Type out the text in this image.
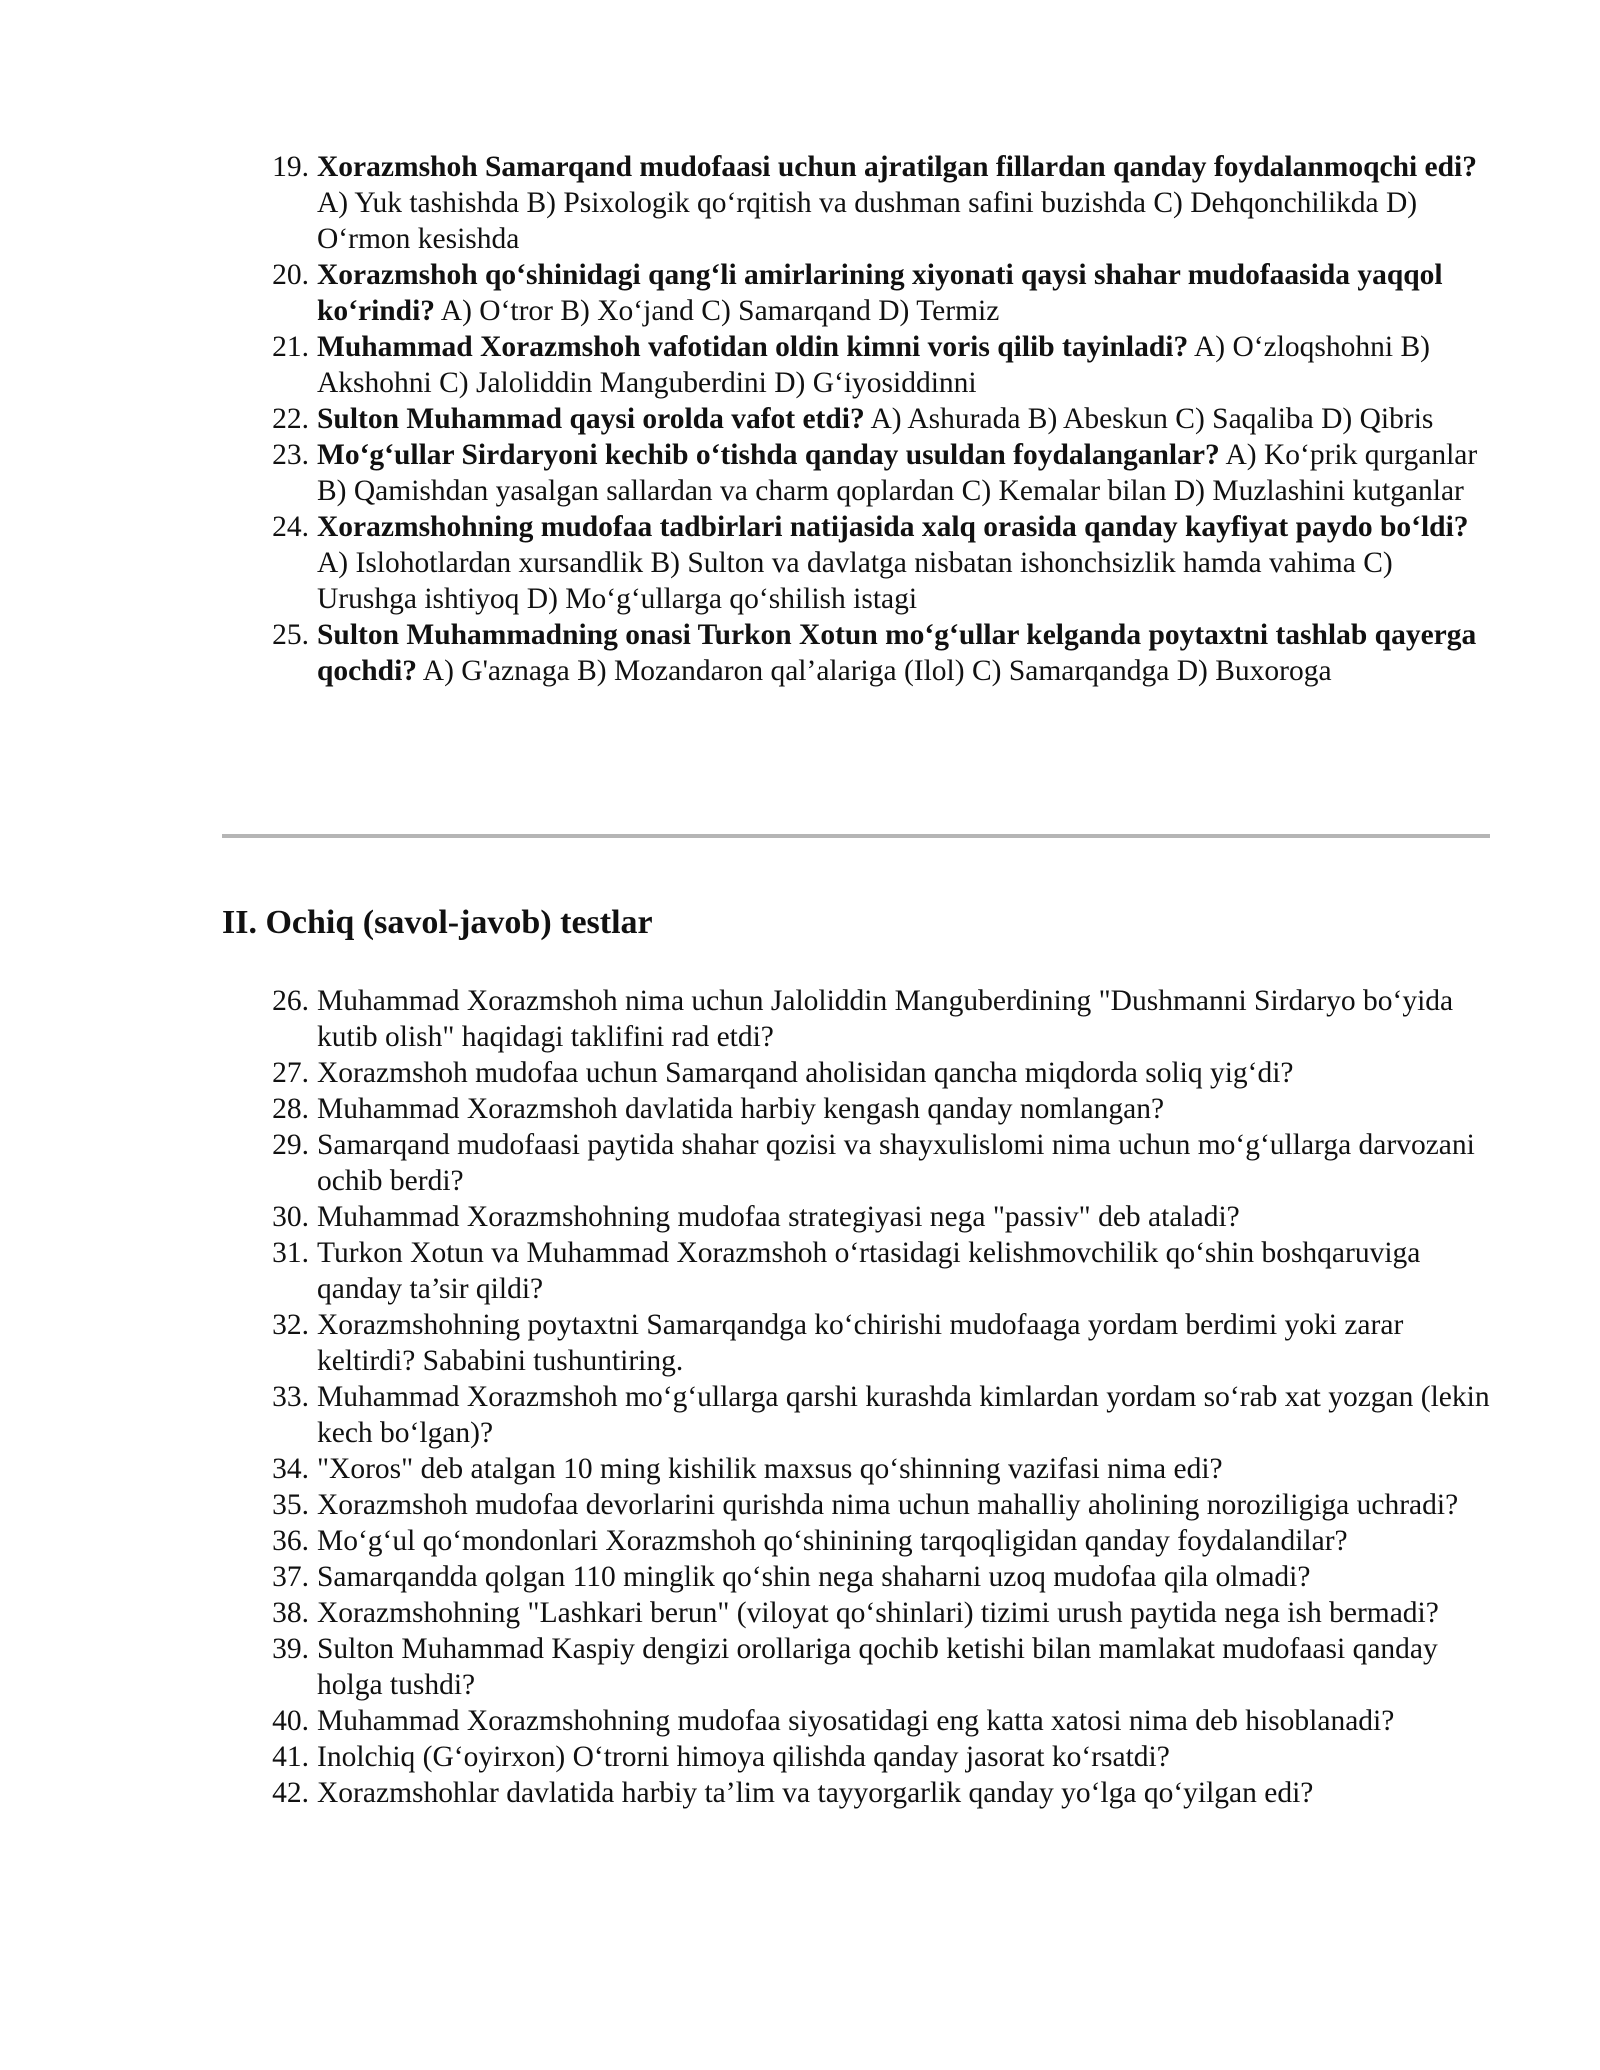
19. Xorazmshoh Samarqand mudofaasi uchun ajratilgan fillardan qanday foydalanmoqchi edi? A) Yuk tashishda B) Psixologik qo‘rqitish va dushman safini buzishda C) Dehqonchilikda D) O‘rmon kesishda
20. Xorazmshoh qo‘shinidagi qang‘li amirlarining xiyonati qaysi shahar mudofaasida yaqqol ko‘rindi? A) O‘tror B) Xo‘jand C) Samarqand D) Termiz
21. Muhammad Xorazmshoh vafotidan oldin kimni voris qilib tayinladi? A) O‘zloqshohni B) Akshohni C) Jaloliddin Manguberdini D) G‘iyosiddinni
22. Sulton Muhammad qaysi orolda vafot etdi? A) Ashurada B) Abeskun C) Saqaliba D) Qibris
23. Mo‘g‘ullar Sirdaryoni kechib o‘tishda qanday usuldan foydalanganlar? A) Ko‘prik qurganlar B) Qamishdan yasalgan sallardan va charm qoplardan C) Kemalar bilan D) Muzlashini kutganlar
24. Xorazmshohning mudofaa tadbirlari natijasida xalq orasida qanday kayfiyat paydo bo‘ldi? A) Islohotlardan xursandlik B) Sulton va davlatga nisbatan ishonchsizlik hamda vahima C) Urushga ishtiyoq D) Mo‘g‘ullarga qo‘shilish istagi
25. Sulton Muhammadning onasi Turkon Xotun mo‘g‘ullar kelganda poytaxtni tashlab qayerga qochdi? A) G'aznaga B) Mozandaron qal’alariga (Ilol) C) Samarqandga D) Buxoroga
II. Ochiq (savol-javob) testlar
26. Muhammad Xorazmshoh nima uchun Jaloliddin Manguberdining "Dushmanni Sirdaryo bo‘yida kutib olish" haqidagi taklifini rad etdi?
27. Xorazmshoh mudofaa uchun Samarqand aholisidan qancha miqdorda soliq yig‘di?
28. Muhammad Xorazmshoh davlatida harbiy kengash qanday nomlangan?
29. Samarqand mudofaasi paytida shahar qozisi va shayxulislomi nima uchun mo‘g‘ullarga darvozani ochib berdi?
30. Muhammad Xorazmshohning mudofaa strategiyasi nega "passiv" deb ataladi?
31. Turkon Xotun va Muhammad Xorazmshoh o‘rtasidagi kelishmovchilik qo‘shin boshqaruviga qanday ta’sir qildi?
32. Xorazmshohning poytaxtni Samarqandga ko‘chirishi mudofaaga yordam berdimi yoki zarar keltirdi? Sababini tushuntiring.
33. Muhammad Xorazmshoh mo‘g‘ullarga qarshi kurashda kimlardan yordam so‘rab xat yozgan (lekin kech bo‘lgan)?
34. "Xoros" deb atalgan 10 ming kishilik maxsus qo‘shinning vazifasi nima edi?
35. Xorazmshoh mudofaa devorlarini qurishda nima uchun mahalliy aholining noroziligiga uchradi?
36. Mo‘g‘ul qo‘mondonlari Xorazmshoh qo‘shinining tarqoqligidan qanday foydalandilar?
37. Samarqandda qolgan 110 minglik qo‘shin nega shaharni uzoq mudofaa qila olmadi?
38. Xorazmshohning "Lashkari berun" (viloyat qo‘shinlari) tizimi urush paytida nega ish bermadi?
39. Sulton Muhammad Kaspiy dengizi orollariga qochib ketishi bilan mamlakat mudofaasi qanday holga tushdi?
40. Muhammad Xorazmshohning mudofaa siyosatidagi eng katta xatosi nima deb hisoblanadi?
41. Inolchiq (G‘oyirxon) O‘trorni himoya qilishda qanday jasorat ko‘rsatdi?
42. Xorazmshohlar davlatida harbiy ta’lim va tayyorgarlik qanday yo‘lga qo‘yilgan edi?
